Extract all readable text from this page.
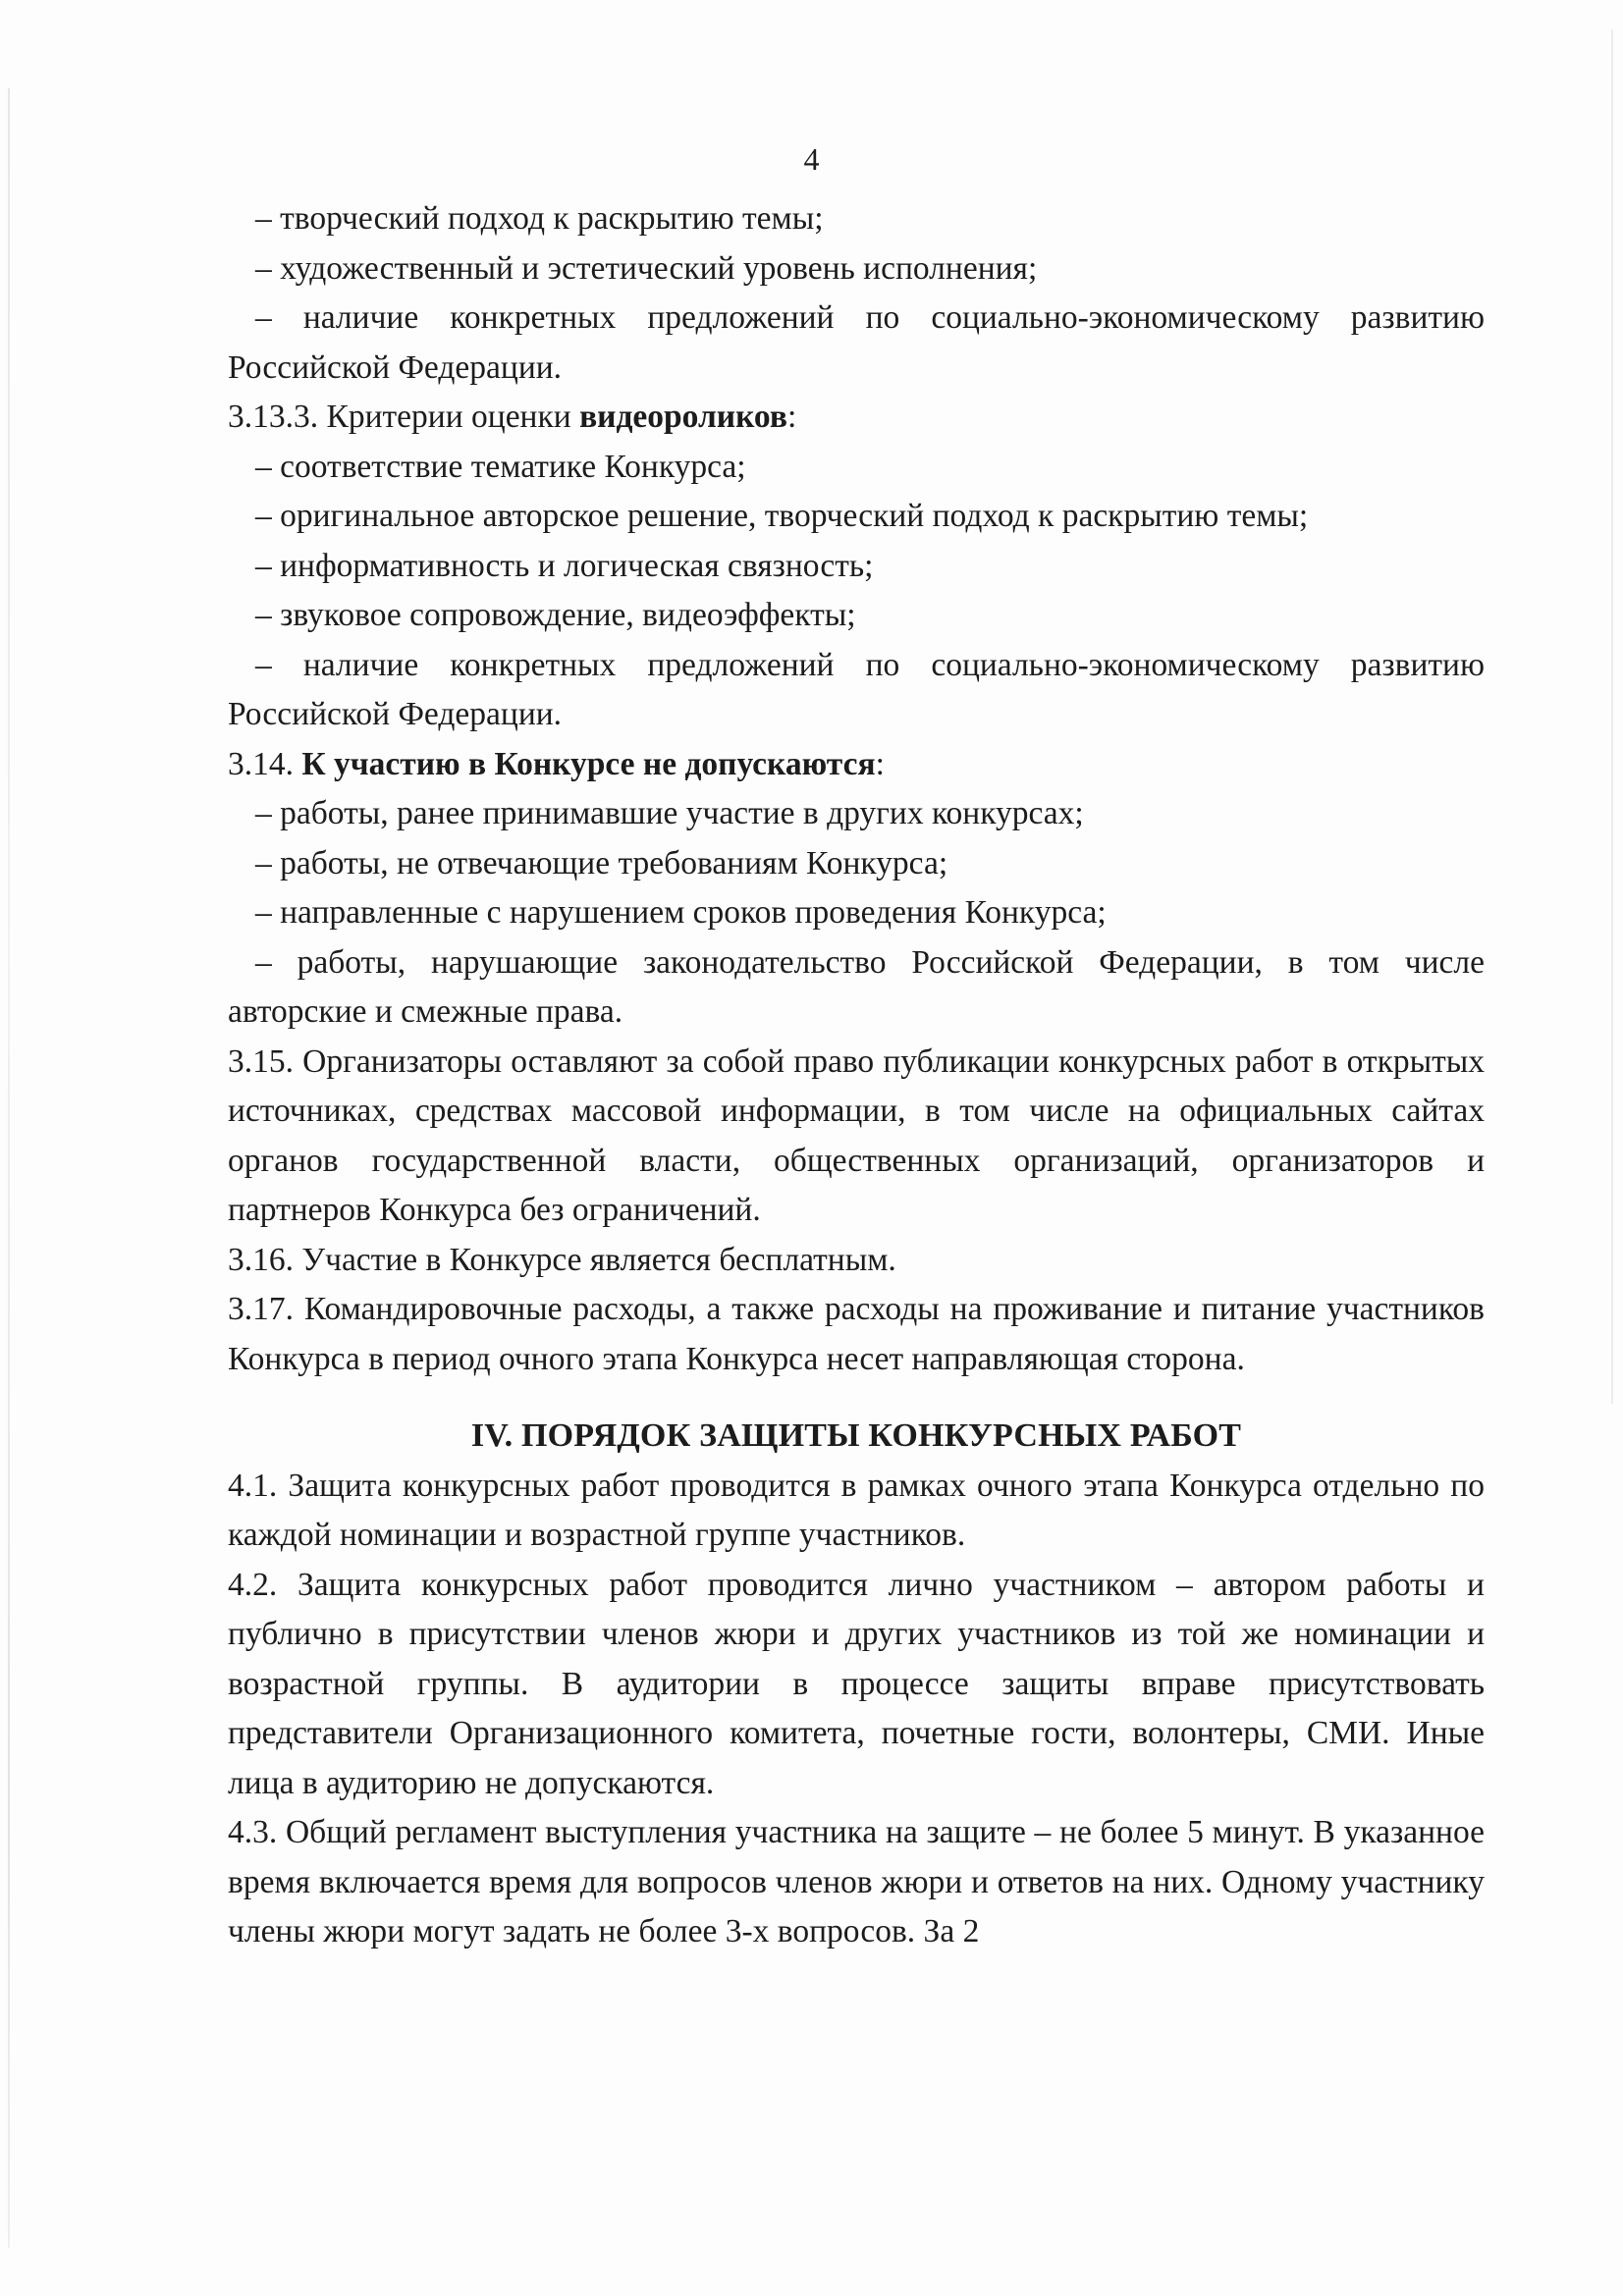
4

– творческий подход к раскрытию темы;

– художественный и эстетический уровень исполнения;

– наличие конкретных предложений по социально-экономическому развитию Российской Федерации.

3.13.3. Критерии оценки видеороликов:

– соответствие тематике Конкурса;

– оригинальное авторское решение, творческий подход к раскрытию темы;

– информативность и логическая связность;

– звуковое сопровождение, видеоэффекты;

– наличие конкретных предложений по социально-экономическому развитию Российской Федерации.

3.14. К участию в Конкурсе не допускаются:

– работы, ранее принимавшие участие в других конкурсах;

– работы, не отвечающие требованиям Конкурса;

– направленные с нарушением сроков проведения Конкурса;

– работы, нарушающие законодательство Российской Федерации, в том числе авторские и смежные права.

3.15. Организаторы оставляют за собой право публикации конкурсных работ в открытых источниках, средствах массовой информации, в том числе на официальных сайтах органов государственной власти, общественных организаций, организаторов и партнеров Конкурса без ограничений.

3.16. Участие в Конкурсе является бесплатным.

3.17. Командировочные расходы, а также расходы на проживание и питание участников Конкурса в период очного этапа Конкурса несет направляющая сторона.

IV. ПОРЯДОК ЗАЩИТЫ КОНКУРСНЫХ РАБОТ

4.1. Защита конкурсных работ проводится в рамках очного этапа Конкурса отдельно по каждой номинации и возрастной группе участников.

4.2. Защита конкурсных работ проводится лично участником – автором работы и публично в присутствии членов жюри и других участников из той же номинации и возрастной группы. В аудитории в процессе защиты вправе присутствовать представители Организационного комитета, почетные гости, волонтеры, СМИ. Иные лица в аудиторию не допускаются.

4.3. Общий регламент выступления участника на защите – не более 5 минут. В указанное время включается время для вопросов членов жюри и ответов на них. Одному участнику члены жюри могут задать не более 3-х вопросов. За 2
